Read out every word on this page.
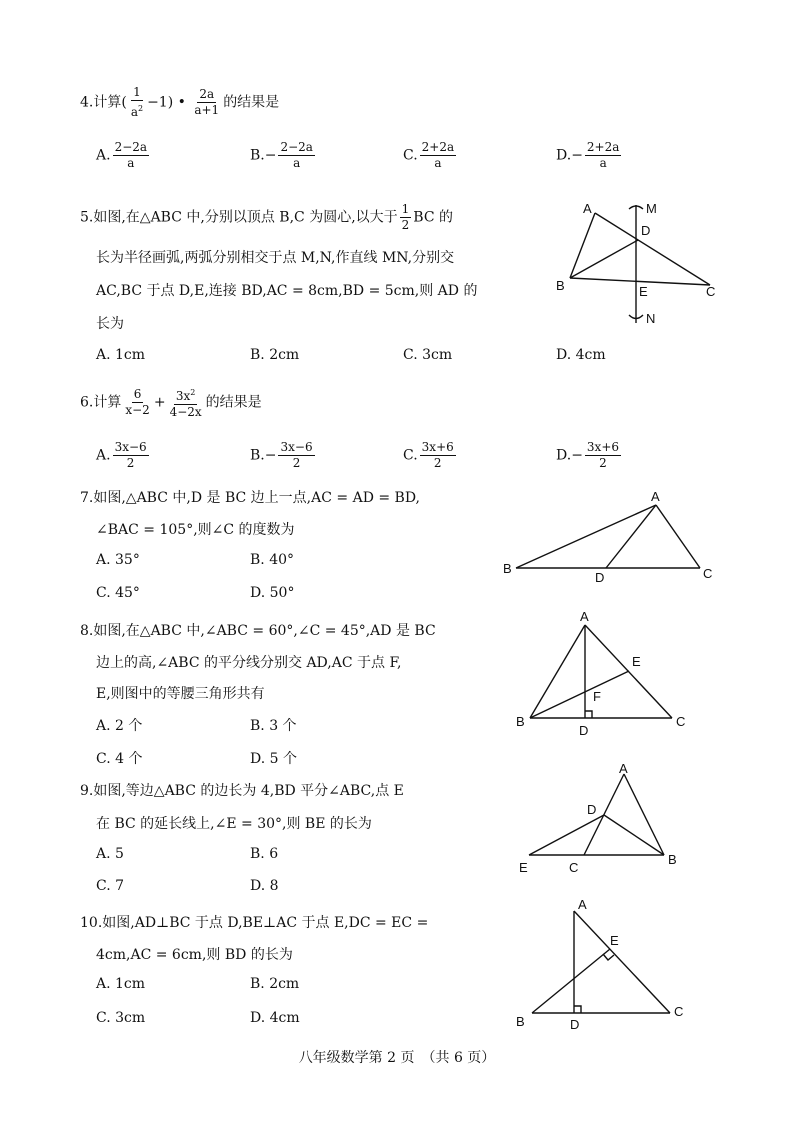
4.计算( $\frac{1}{a^2} -1$) • $\frac{2a}{a+1}$ 的结果是
A. $\frac{2-2a}{a}$	$B.- \frac{2-2a}{a}$	C. $\frac{2+2a}{a}$	$D.- \frac{2+2a}{a}$
5.如图,在△ABC 中,分别以顶点 B,C 为圆心,以大于 $\frac{1}{2}$ BC 的
长为半径画弧,两弧分别相交于点 M,N,作直线 MN,分别交
AC,BC 于点 D,E,连接 BD,AC = 8cm,BD = 5cm,则 AD 的
长为
A. 1cm	B. 2cm	C. 3cm	D. 4cm
A	M
D
B	E	C
N
6.计算 $\frac{6}{x-2} + \frac{3x^2}{4-2x}$ 的结果是
A. $\frac{3x-6}{2}$	$B.- \frac{3x-6}{2}$	C. $\frac{3x+6}{2}$	$D.- \frac{3x+6}{2}$
7.如图,△ABC 中,D 是 BC 边上一点,AC = AD = BD,
∠BAC = 105°,则∠C 的度数为
A. 35°	B. 40°
C. 45°	D. 50°
A
B
D	C
8.如图,在△ABC 中,∠ABC = 60°,∠C = 45°,AD 是 BC
边上的高,∠ABC 的平分线分别交 AD,AC 于点 F,
E,则图中的等腰三角形共有
A. 2 个	B. 3 个
C. 4 个	D. 5 个
A
E
F
B
D
C
9.如图,等边△ABC 的边长为 4,BD 平分∠ABC,点 E
在 BC 的延长线上,∠E = 30°,则 BE 的长为
A. 5	B. 6
C. 7	D. 8
A
D
E	C
B
10.如图,AD⊥BC 于点 D,BE⊥AC 于点 E,DC = EC =
4cm,AC = 6cm,则 BD 的长为
A. 1cm	B. 2cm
C. 3cm	D. 4cm
A
E
B	D
C
八年级数学第 2 页　（共 6 页）
